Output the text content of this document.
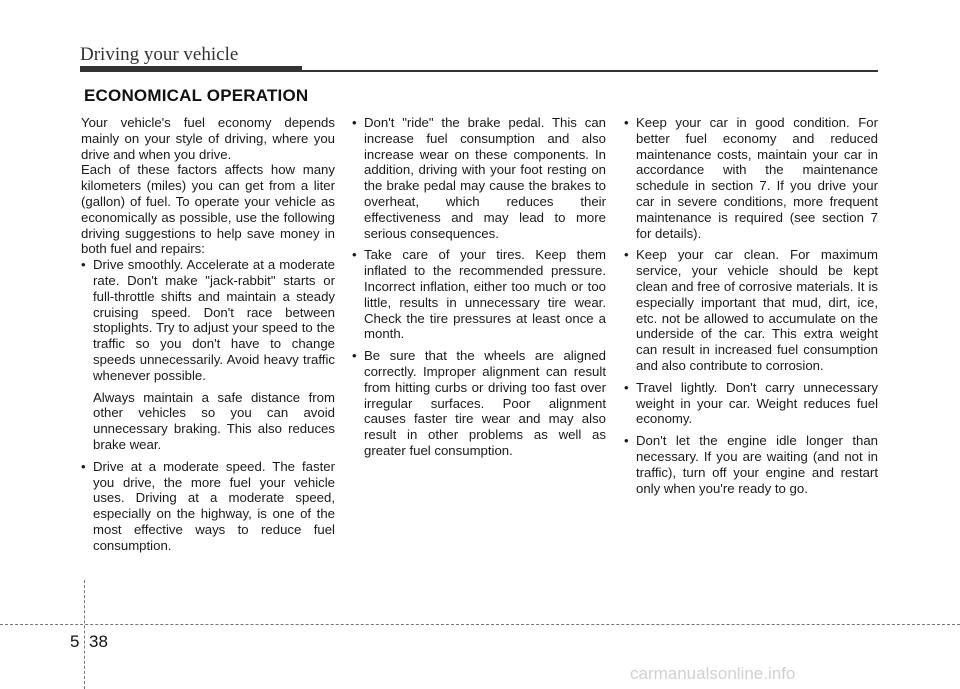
Driving your vehicle
ECONOMICAL OPERATION

Your vehicle's fuel economy depends mainly on your style of driving, where you drive and when you drive.

Each of these factors affects how many kilometers (miles) you can get from a liter (gallon) of fuel. To operate your vehicle as economically as possible, use the following driving suggestions to help save money in both fuel and repairs:

• Drive smoothly. Accelerate at a moderate rate. Don't make "jack-rabbit" starts or full-throttle shifts and maintain a steady cruising speed. Don't race between stoplights. Try to adjust your speed to the traffic so you don't have to change speeds unnecessarily. Avoid heavy traffic whenever possible.
Always maintain a safe distance from other vehicles so you can avoid unnecessary braking. This also reduces brake wear.
• Drive at a moderate speed. The faster you drive, the more fuel your vehicle uses. Driving at a moderate speed, especially on the highway, is one of the most effective ways to reduce fuel consumption.
• Don't "ride" the brake pedal. This can increase fuel consumption and also increase wear on these components. In addition, driving with your foot resting on the brake pedal may cause the brakes to overheat, which reduces their effectiveness and may lead to more serious consequences.
• Take care of your tires. Keep them inflated to the recommended pressure. Incorrect inflation, either too much or too little, results in unnecessary tire wear. Check the tire pressures at least once a month.
• Be sure that the wheels are aligned correctly. Improper alignment can result from hitting curbs or driving too fast over irregular surfaces. Poor alignment causes faster tire wear and may also result in other problems as well as greater fuel consumption.
• Keep your car in good condition. For better fuel economy and reduced maintenance costs, maintain your car in accordance with the maintenance schedule in section 7. If you drive your car in severe conditions, more frequent maintenance is required (see section 7 for details).
• Keep your car clean. For maximum service, your vehicle should be kept clean and free of corrosive materials. It is especially important that mud, dirt, ice, etc. not be allowed to accumulate on the underside of the car. This extra weight can result in increased fuel consumption and also contribute to corrosion.
• Travel lightly. Don't carry unnecessary weight in your car. Weight reduces fuel economy.
• Don't let the engine idle longer than necessary. If you are waiting (and not in traffic), turn off your engine and restart only when you're ready to go.
5 38
carmanualsonline.info
